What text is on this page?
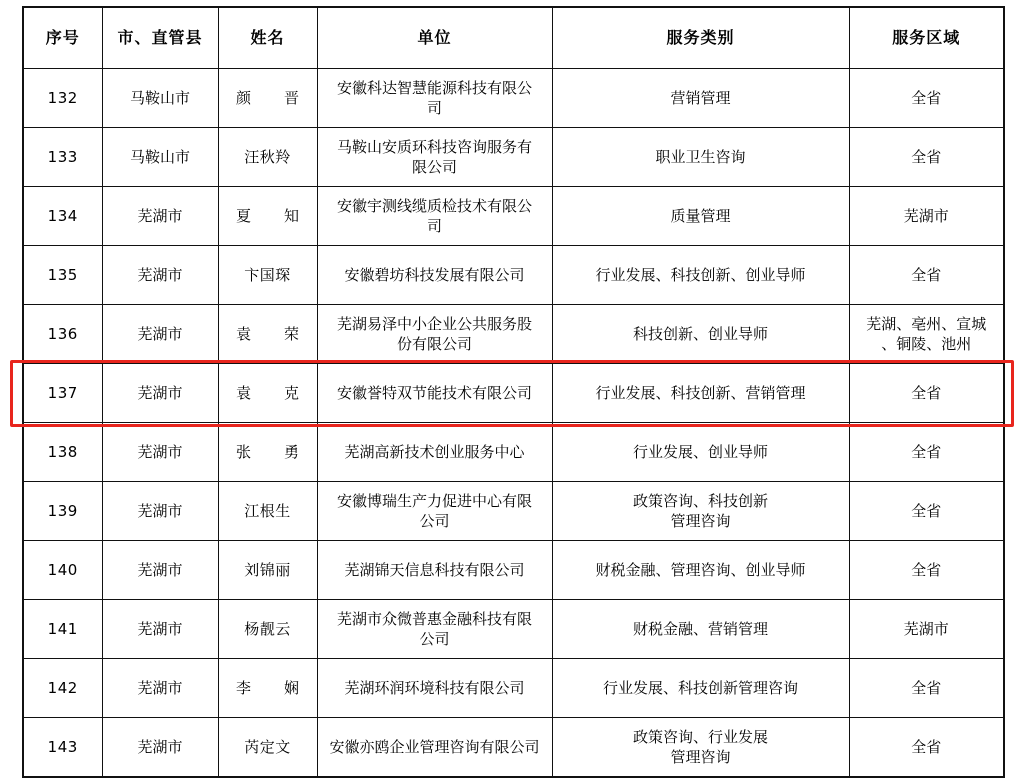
序号	市、直管县	姓名	单位	服务类别	服务区域
132	马鞍山市	颜　晋	安徽科达智慧能源科技有限公
司	营销管理	全省

133	马鞍山市	汪秋羚	马鞍山安质环科技咨询服务有
限公司	职业卫生咨询	全省

134	芜湖市	夏　知	安徽宇测线缆质检技术有限公
司	质量管理	芜湖市

135	芜湖市	卞国琛	安徽碧坊科技发展有限公司	行业发展、科技创新、创业导师	全省

136	芜湖市	袁　荣	芜湖易泽中小企业公共服务股
份有限公司	科技创新、创业导师	芜湖、亳州、宣城
、铜陵、池州

137	芜湖市	袁　克	安徽誉特双节能技术有限公司	行业发展、科技创新、营销管理	全省

138	芜湖市	张　勇	芜湖高新技术创业服务中心	行业发展、创业导师	全省

139	芜湖市	江根生	安徽博瑞生产力促进中心有限
公司	政策咨询、科技创新
管理咨询	全省

140	芜湖市	刘锦丽	芜湖锦天信息科技有限公司	财税金融、管理咨询、创业导师	全省

141	芜湖市	杨靓云	芜湖市众微普惠金融科技有限
公司	财税金融、营销管理	芜湖市

142	芜湖市	李　娴	芜湖环润环境科技有限公司	行业发展、科技创新管理咨询	全省

143	芜湖市	芮定文	安徽亦鸥企业管理咨询有限公司	政策咨询、行业发展
管理咨询	全省
